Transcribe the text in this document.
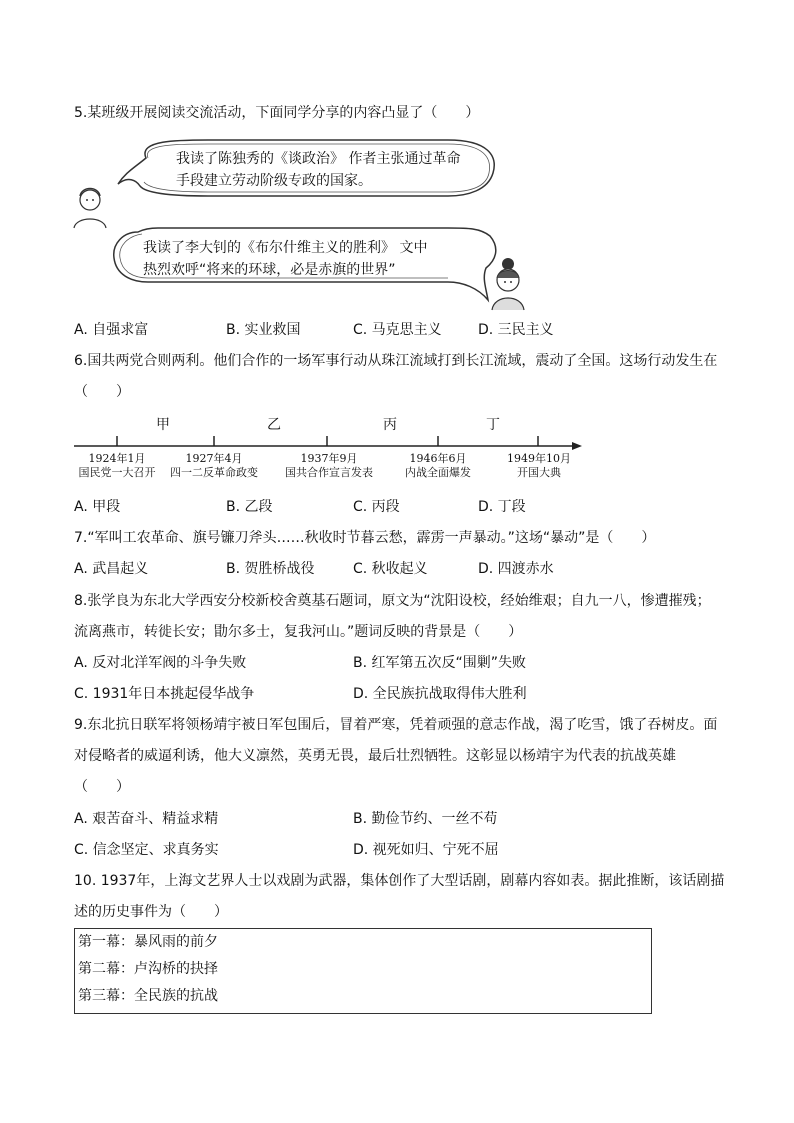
5.某班级开展阅读交流活动，下面同学分享的内容凸显了（　　）
我读了陈独秀的《谈政治》 作者主张通过革命
手段建立劳动阶级专政的国家。
我读了李大钊的《布尔什维主义的胜利》 文中
热烈欢呼“将来的环球，必是赤旗的世界”
A. 自强求富	B. 实业救国	C. 马克思主义	D. 三民主义
6.国共两党合则两利。他们合作的一场军事行动从珠江流域打到长江流域，震动了全国。这场行动发生在
（　　）
甲	乙	丙	丁
1924年1月
国民党一大召开
1927年4月
四一二反革命政变
1937年9月
国共合作宣言发表
1946年6月
内战全面爆发
1949年10月
开国大典
A. 甲段	B. 乙段	C. 丙段	D. 丁段
7.“军叫工农革命、旗号镰刀斧头……秋收时节暮云愁，霹雳一声暴动。”这场“暴动”是（　　）
A. 武昌起义	B. 贺胜桥战役	C. 秋收起义	D. 四渡赤水
8.张学良为东北大学西安分校新校舍奠基石题词，原文为“沈阳设校，经始维艰；自九一八，惨遭摧残；
流离燕市，转徙长安；勖尔多士，复我河山。”题词反映的背景是（　　）
A. 反对北洋军阀的斗争失败	B. 红军第五次反“围剿”失败
C. 1931年日本挑起侵华战争	D. 全民族抗战取得伟大胜利
9.东北抗日联军将领杨靖宇被日军包围后，冒着严寒，凭着顽强的意志作战，渴了吃雪，饿了吞树皮。面
对侵略者的威逼利诱，他大义凛然，英勇无畏，最后壮烈牺牲。这彰显以杨靖宇为代表的抗战英雄
（　　）
A. 艰苦奋斗、精益求精	B. 勤俭节约、一丝不苟
C. 信念坚定、求真务实	D. 视死如归、宁死不屈
10. 1937年，上海文艺界人士以戏剧为武器，集体创作了大型话剧，剧幕内容如表。据此推断，该话剧描
述的历史事件为（　　）
第一幕：暴风雨的前夕
第二幕：卢沟桥的抉择
第三幕：全民族的抗战
